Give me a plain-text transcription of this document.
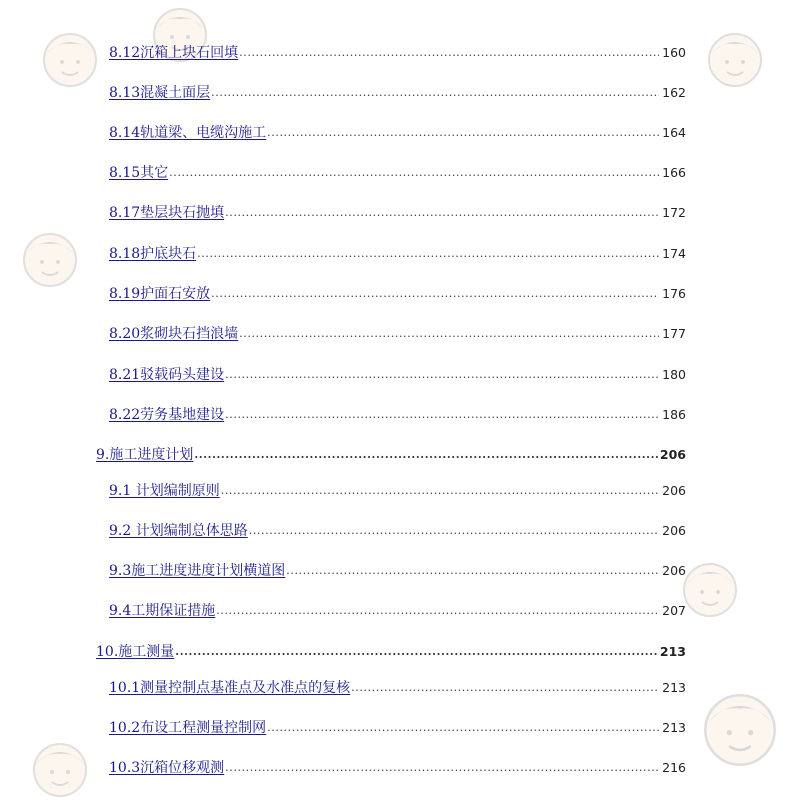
8.12沉箱上块石回填 .....	160
8.13混凝土面层 .....	162
8.14轨道梁、电缆沟施工 .....	164
8.15其它 .....	166
8.17垫层块石抛填 .....	172
8.18护底块石 .....	174
8.19护面石安放 .....	176
8.20浆砌块石挡浪墙 .....	177
8.21驳载码头建设 .....	180
8.22劳务基地建设 .....	186
9.施工进度计划 .....	206
9.1 计划编制原则 .....	206
9.2 计划编制总体思路 .....	206
9.3施工进度进度计划横道图 .....	206
9.4工期保证措施 .....	207
10.施工测量 .....	213
10.1测量控制点基准点及水准点的复核 .....	213
10.2布设工程测量控制网 .....	213
10.3沉箱位移观测 .....	216
